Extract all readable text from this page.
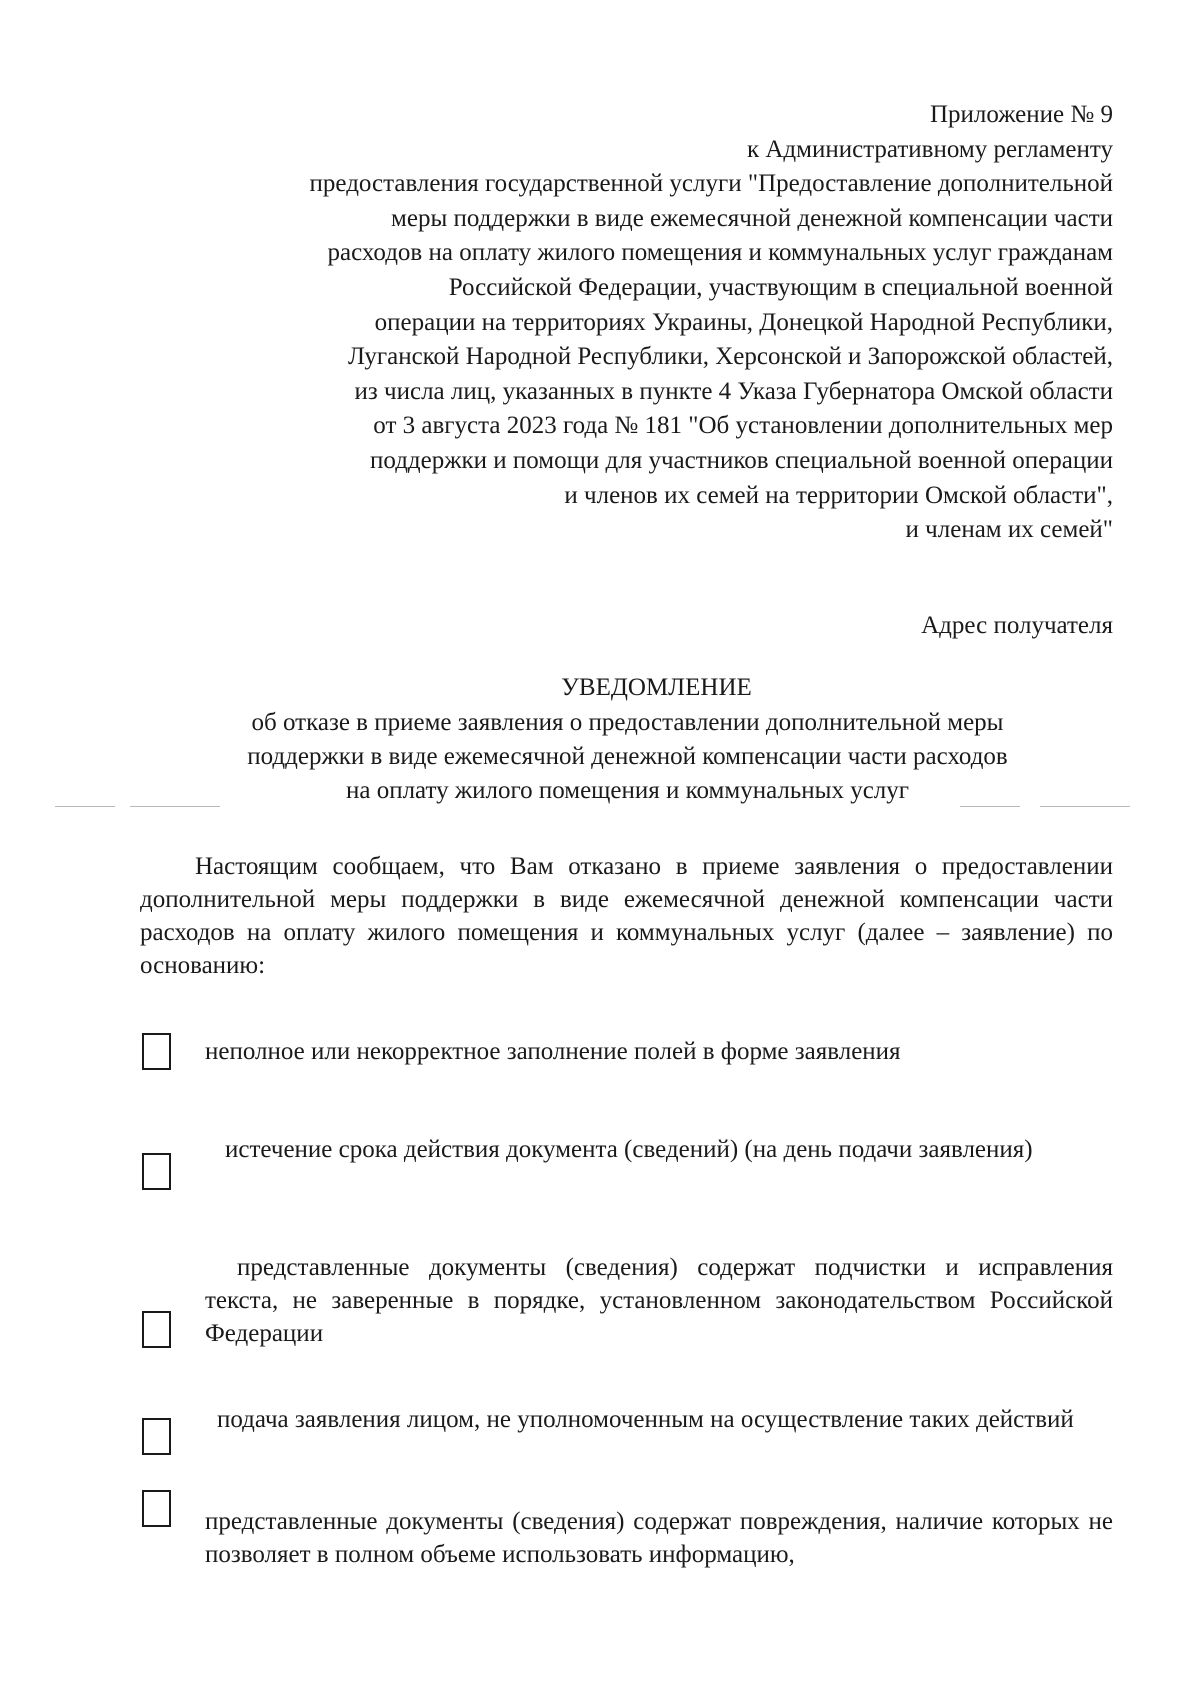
Приложение № 9
к Административному регламенту
предоставления государственной услуги "Предоставление дополнительной
меры поддержки в виде ежемесячной денежной компенсации части
расходов на оплату жилого помещения и коммунальных услуг гражданам
Российской Федерации, участвующим в специальной военной
операции на территориях Украины, Донецкой Народной Республики,
Луганской Народной Республики, Херсонской и Запорожской областей,
из числа лиц, указанных в пункте 4 Указа Губернатора Омской области
от 3 августа 2023 года № 181 "Об установлении дополнительных мер
поддержки и помощи для участников специальной военной операции
и членов их семей на территории Омской области",
и членам их семей"
Адрес получателя
УВЕДОМЛЕНИЕ
об отказе в приеме заявления о предоставлении дополнительной меры
поддержки в виде ежемесячной денежной компенсации части расходов
на оплату жилого помещения и коммунальных услуг
Настоящим сообщаем, что Вам отказано в приеме заявления о предоставлении дополнительной меры поддержки в виде ежемесячной денежной компенсации части расходов на оплату жилого помещения и коммунальных услуг (далее – заявление) по основанию:
неполное или некорректное заполнение полей в форме заявления
истечение срока действия документа (сведений) (на день подачи заявления)
представленные документы (сведения) содержат подчистки и исправления текста, не заверенные в порядке, установленном законодательством Российской Федерации
подача заявления лицом, не уполномоченным на осуществление таких действий
представленные документы (сведения) содержат повреждения, наличие которых не позволяет в полном объеме использовать информацию,
